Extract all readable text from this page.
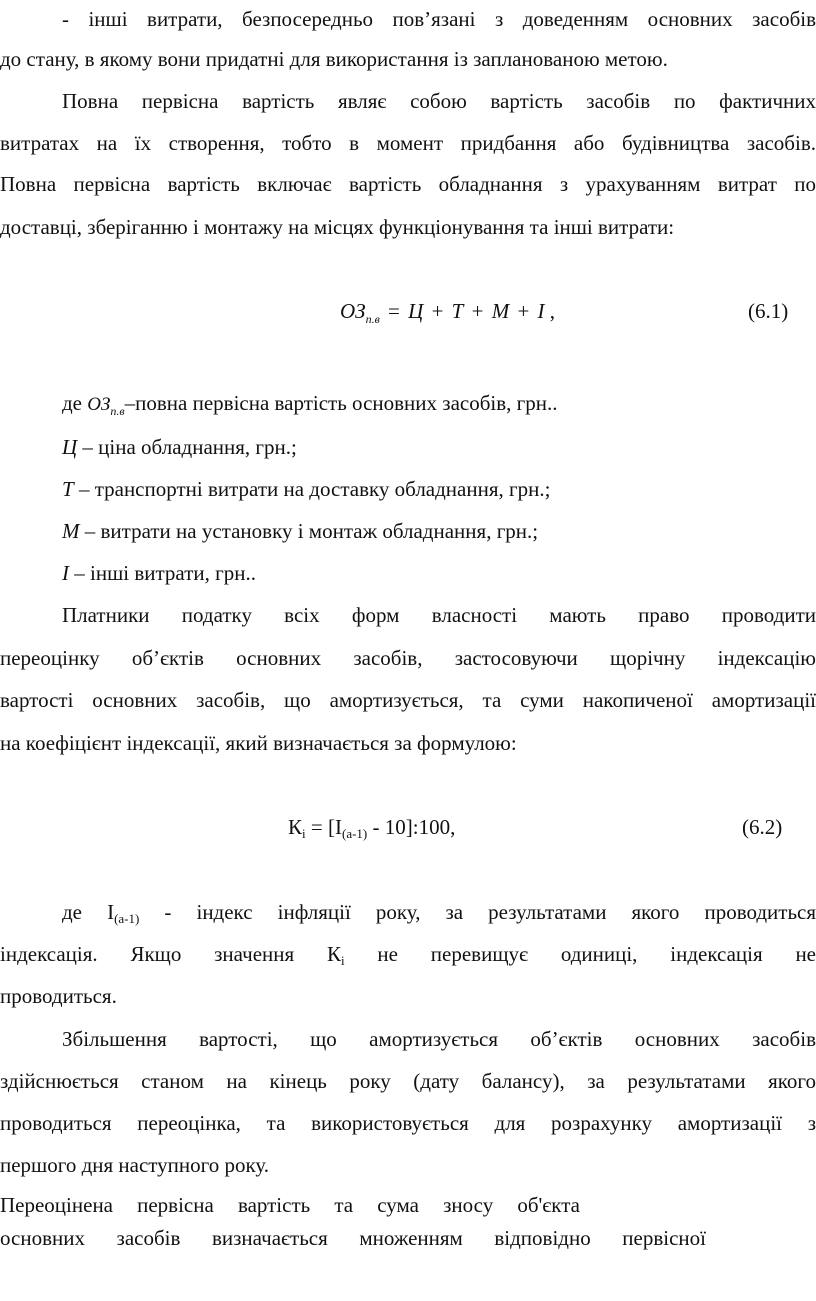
- інші витрати, безпосередньо пов’язані з доведенням основних засобів
до стану, в якому вони придатні для використання із запланованою метою.
Повна первісна вартість являє собою вартість засобів по фактичних
витратах на їх створення, тобто в момент придбання або будівництва засобів.
Повна первісна вартість включає вартість обладнання з урахуванням витрат по
доставці, зберіганню і монтажу на місцях функціонування та інші витрати:
$ОЗ_{п.в} = Ц + Т + М + І$ ,	(6.1)
де $ОЗ_{п.в}$–повна первісна вартість основних засобів, грн..
Ц – ціна обладнання, грн.;
Т – транспортні витрати на доставку обладнання, грн.;
М – витрати на установку і монтаж обладнання, грн.;
І – інші витрати, грн..
Платники податку всіх форм власності мають право проводити
переоцінку об’єктів основних засобів, застосовуючи щорічну індексацію
вартості основних засобів, що амортизується, та суми накопиченої амортизації
на коефіцієнт індексації, який визначається за формулою:
$К_і = [І_{(а-1)}$ - 10]:100,	(6.2)
де $І_{(а-1)}$ - індекс інфляції року, за результатами якого проводиться
індексація. Якщо значення $К_і$ не перевищує одиниці, індексація не
проводиться.
Збільшення вартості, що амортизується об’єктів основних засобів
здійснюється станом на кінець року (дату балансу), за результатами якого
проводиться переоцінка, та використовується для розрахунку амортизації з
першого дня наступного року.
Переоцінена первісна вартість та сума зносу об'єкта
основних засобів визначається множенням відповідно первісної
